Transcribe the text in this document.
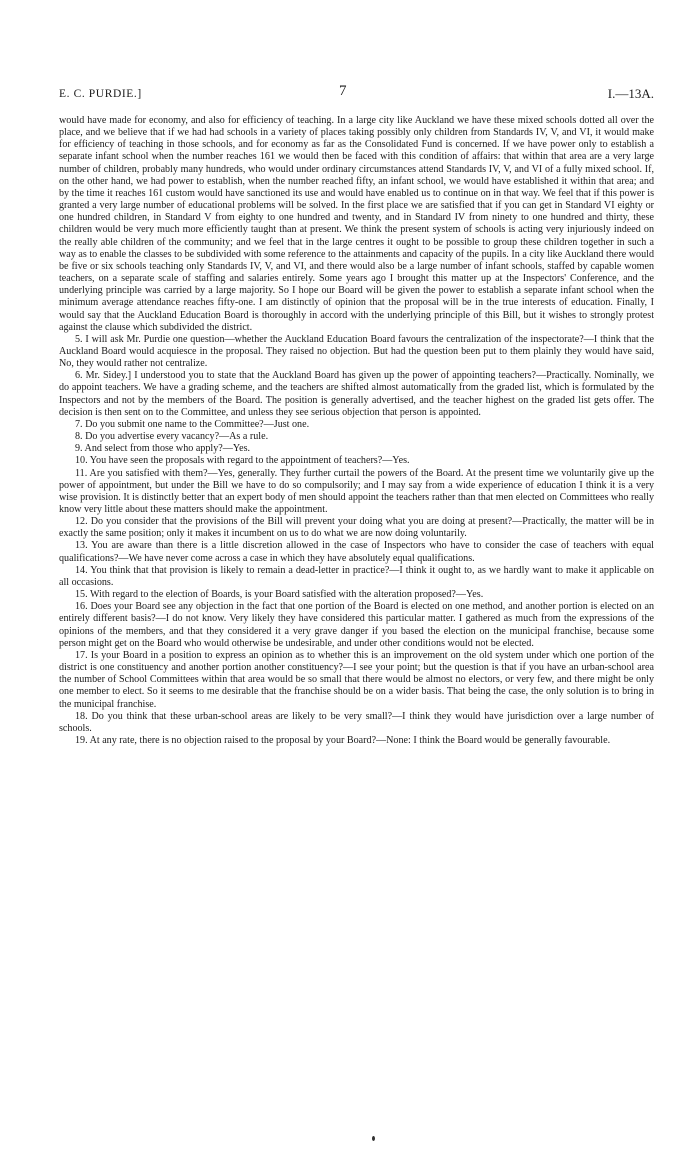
E. C. PURDIE.]	7	I.—13A.

would have made for economy, and also for efficiency of teaching. In a large city like Auckland we have these mixed schools dotted all over the place, and we believe that if we had had schools in a variety of places taking possibly only children from Standards IV, V, and VI, it would make for efficiency of teaching in those schools, and for economy as far as the Consolidated Fund is concerned. If we have power only to establish a separate infant school when the number reaches 161 we would then be faced with this condition of affairs: that within that area are a very large number of children, probably many hundreds, who would under ordinary circumstances attend Standards IV, V, and VI of a fully mixed school. If, on the other hand, we had power to establish, when the number reached fifty, an infant school, we would have established it within that area; and by the time it reaches 161 custom would have sanctioned its use and would have enabled us to continue on in that way. We feel that if this power is granted a very large number of educational problems will be solved. In the first place we are satisfied that if you can get in Standard VI eighty or one hundred children, in Standard V from eighty to one hundred and twenty, and in Standard IV from ninety to one hundred and thirty, these children would be very much more efficiently taught than at present. We think the present system of schools is acting very injuriously indeed on the really able children of the community; and we feel that in the large centres it ought to be possible to group these children together in such a way as to enable the classes to be subdivided with some reference to the attainments and capacity of the pupils. In a city like Auckland there would be five or six schools teaching only Standards IV, V, and VI, and there would also be a large number of infant schools, staffed by capable women teachers, on a separate scale of staffing and salaries entirely. Some years ago I brought this matter up at the Inspectors' Conference, and the underlying principle was carried by a large majority. So I hope our Board will be given the power to establish a separate infant school when the minimum average attendance reaches fifty-one. I am distinctly of opinion that the proposal will be in the true interests of education. Finally, I would say that the Auckland Education Board is thoroughly in accord with the underlying principle of this Bill, but it wishes to strongly protest against the clause which subdivided the district.

5. I will ask Mr. Purdie one question—whether the Auckland Education Board favours the centralization of the inspectorate?—I think that the Auckland Board would acquiesce in the proposal. They raised no objection. But had the question been put to them plainly they would have said, No, they would rather not centralize.

6. Mr. Sidey.] I understood you to state that the Auckland Board has given up the power of appointing teachers?—Practically. Nominally, we do appoint teachers. We have a grading scheme, and the teachers are shifted almost automatically from the graded list, which is formulated by the Inspectors and not by the members of the Board. The position is generally advertised, and the teacher highest on the graded list gets offer. The decision is then sent on to the Committee, and unless they see serious objection that person is appointed.

7. Do you submit one name to the Committee?—Just one.

8. Do you advertise every vacancy?—As a rule.

9. And select from those who apply?—Yes.

10. You have seen the proposals with regard to the appointment of teachers?—Yes.

11. Are you satisfied with them?—Yes, generally. They further curtail the powers of the Board. At the present time we voluntarily give up the power of appointment, but under the Bill we have to do so compulsorily; and I may say from a wide experience of education I think it is a very wise provision. It is distinctly better that an expert body of men should appoint the teachers rather than that men elected on Committees who really know very little about these matters should make the appointment.

12. Do you consider that the provisions of the Bill will prevent your doing what you are doing at present?—Practically, the matter will be in exactly the same position; only it makes it incumbent on us to do what we are now doing voluntarily.

13. You are aware than there is a little discretion allowed in the case of Inspectors who have to consider the case of teachers with equal qualifications?—We have never come across a case in which they have absolutely equal qualifications.

14. You think that that provision is likely to remain a dead-letter in practice?—I think it ought to, as we hardly want to make it applicable on all occasions.

15. With regard to the election of Boards, is your Board satisfied with the alteration proposed?—Yes.

16. Does your Board see any objection in the fact that one portion of the Board is elected on one method, and another portion is elected on an entirely different basis?—I do not know. Very likely they have considered this particular matter. I gathered as much from the expressions of the opinions of the members, and that they considered it a very grave danger if you based the election on the municipal franchise, because some person might get on the Board who would otherwise be undesirable, and under other conditions would not be elected.

17. Is your Board in a position to express an opinion as to whether this is an improvement on the old system under which one portion of the district is one constituency and another portion another constituency?—I see your point; but the question is that if you have an urban-school area the number of School Committees within that area would be so small that there would be almost no electors, or very few, and there might be only one member to elect. So it seems to me desirable that the franchise should be on a wider basis. That being the case, the only solution is to bring in the municipal franchise.

18. Do you think that these urban-school areas are likely to be very small?—I think they would have jurisdiction over a large number of schools.

19. At any rate, there is no objection raised to the proposal by your Board?—None: I think the Board would be generally favourable.
